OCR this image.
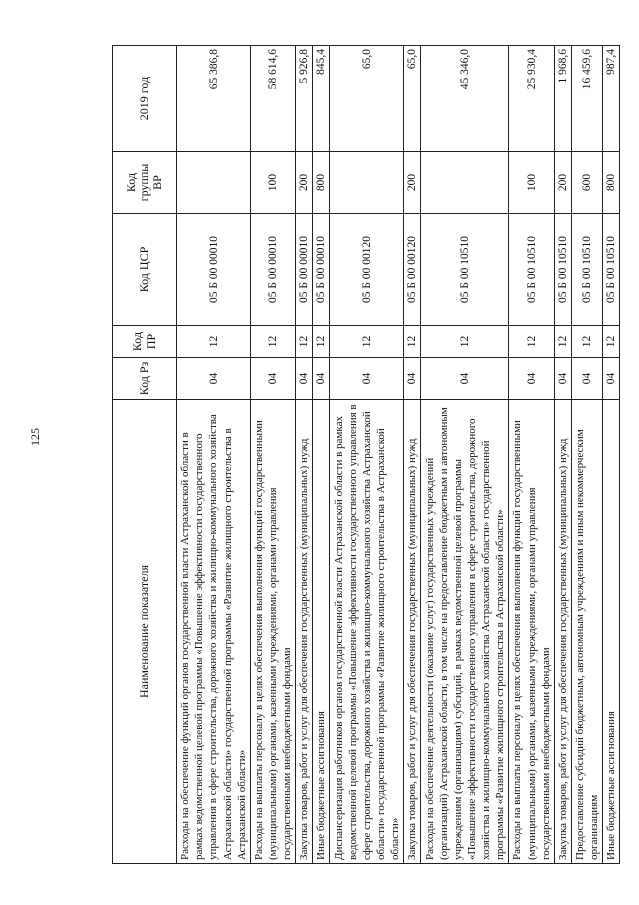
125
Наименование показателя	Код Рз	Код ПР	Код ЦСР	Код группы ВР	2019 год
Расходы на обеспечение функций органов государственной власти Астраханской области в рамках ведомственной целевой программы «Повышение эффективности государственного управления в сфере строительства, дорожного хозяйства и жилищно-коммунального хозяйства Астраханской области» государственной программы «Развитие жилищного строительства в Астраханской области»	04	12	05 Б 00 00010		65 386,8
Расходы на выплаты персоналу в целях обеспечения выполнения функций государственными (муниципальными) органами, казенными учреждениями, органами управления государственными внебюджетными фондами	04	12	05 Б 00 00010	100	58 614,6
Закупка товаров, работ и услуг для обеспечения государственных (муниципальных) нужд	04	12	05 Б 00 00010	200	5 926,8
Иные бюджетные ассигнования	04	12	05 Б 00 00010	800	845,4
Диспансеризация работников органов государственной власти Астраханской области в рамках ведомственной целевой программы «Повышение эффективности государственного управления в сфере строительства, дорожного хозяйства и жилищно-коммунального хозяйства Астраханской области» государственной программы «Развитие жилищного строительства в Астраханской области»	04	12	05 Б 00 00120		65,0
Закупка товаров, работ и услуг для обеспечения государственных (муниципальных) нужд	04	12	05 Б 00 00120	200	65,0
Расходы на обеспечение деятельности (оказание услуг) государственных учреждений (организаций) Астраханской области, в том числе на предоставление бюджетным и автономным учреждениям (организациям) субсидий, в рамках ведомственной целевой программы «Повышение эффективности государственного управления в сфере строительства, дорожного хозяйства и жилищно-коммунального хозяйства Астраханской области» государственной программы «Развитие жилищного строительства в Астраханской области»	04	12	05 Б 00 10510		45 346,0
Расходы на выплаты персоналу в целях обеспечения выполнения функций государственными (муниципальными) органами, казенными учреждениями, органами управления государственными внебюджетными фондами	04	12	05 Б 00 10510	100	25 930,4
Закупка товаров, работ и услуг для обеспечения государственных (муниципальных) нужд	04	12	05 Б 00 10510	200	1 968,6
Предоставление субсидий бюджетным, автономным учреждениям и иным некоммерческим организациям	04	12	05 Б 00 10510	600	16 459,6
Иные бюджетные ассигнования	04	12	05 Б 00 10510	800	987,4
